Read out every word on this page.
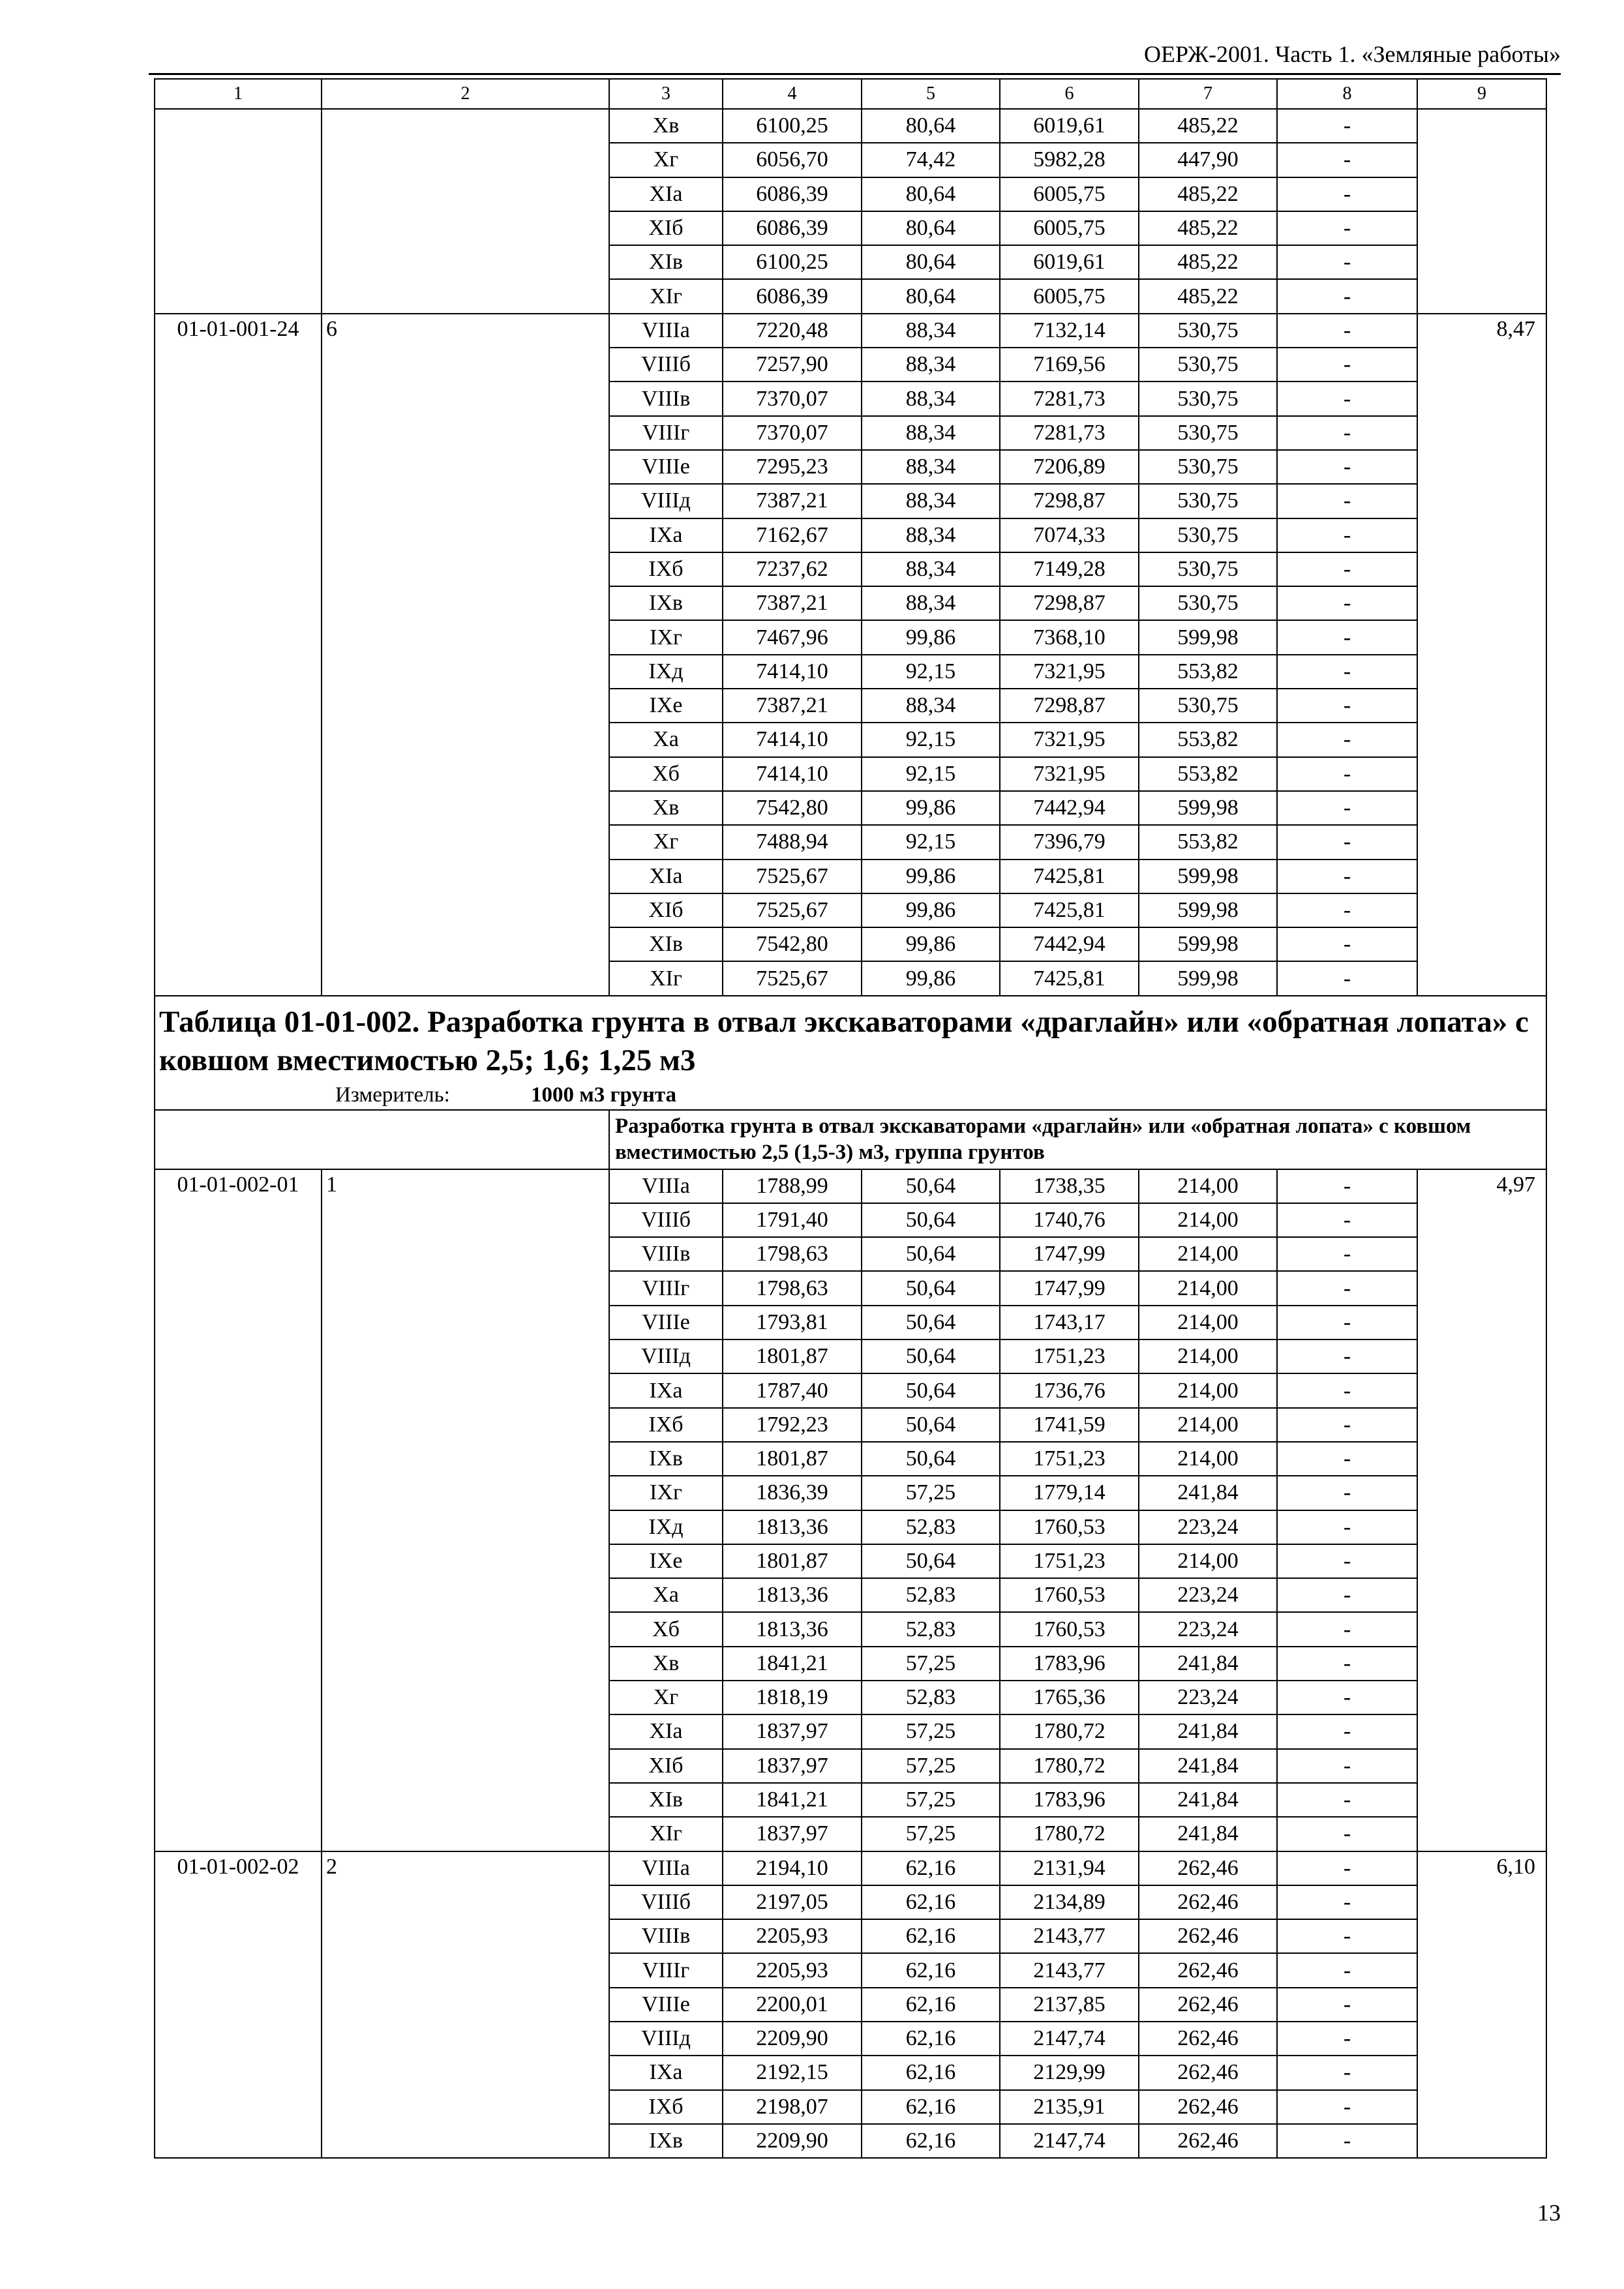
ОЕРЖ-2001. Часть 1. «Земляные работы»
1	2	3	4	5	6	7	8	9
		Xв	6100,25	80,64	6019,61	485,22	-	
		Xг	6056,70	74,42	5982,28	447,90	-	
		XIа	6086,39	80,64	6005,75	485,22	-	
		XIб	6086,39	80,64	6005,75	485,22	-	
		XIв	6100,25	80,64	6019,61	485,22	-	
		XIг	6086,39	80,64	6005,75	485,22	-	
01-01-001-24	6	VIIIа	7220,48	88,34	7132,14	530,75	-	8,47
		VIIIб	7257,90	88,34	7169,56	530,75	-	
		VIIIв	7370,07	88,34	7281,73	530,75	-	
		VIIIг	7370,07	88,34	7281,73	530,75	-	
		VIIIе	7295,23	88,34	7206,89	530,75	-	
		VIIIд	7387,21	88,34	7298,87	530,75	-	
		IXа	7162,67	88,34	7074,33	530,75	-	
		IXб	7237,62	88,34	7149,28	530,75	-	
		IXв	7387,21	88,34	7298,87	530,75	-	
		IXг	7467,96	99,86	7368,10	599,98	-	
		IXд	7414,10	92,15	7321,95	553,82	-	
		IXе	7387,21	88,34	7298,87	530,75	-	
		Xа	7414,10	92,15	7321,95	553,82	-	
		Xб	7414,10	92,15	7321,95	553,82	-	
		Xв	7542,80	99,86	7442,94	599,98	-	
		Xг	7488,94	92,15	7396,79	553,82	-	
		XIа	7525,67	99,86	7425,81	599,98	-	
		XIб	7525,67	99,86	7425,81	599,98	-	
		XIв	7542,80	99,86	7442,94	599,98	-	
		XIг	7525,67	99,86	7425,81	599,98	-	
Таблица 01-01-002. Разработка грунта в отвал экскаваторами «драглайн» или «обратная лопата» с ковшом вместимостью 2,5; 1,6; 1,25 м3								
Измеритель: 1000 м3 грунта								
		Разработка грунта в отвал экскаваторами «драглайн» или «обратная лопата» с ковшом вместимостью 2,5 (1,5-3) м3, группа грунтов						
01-01-002-01	1	VIIIа	1788,99	50,64	1738,35	214,00	-	4,97
		VIIIб	1791,40	50,64	1740,76	214,00	-	
		VIIIв	1798,63	50,64	1747,99	214,00	-	
		VIIIг	1798,63	50,64	1747,99	214,00	-	
		VIIIе	1793,81	50,64	1743,17	214,00	-	
		VIIIд	1801,87	50,64	1751,23	214,00	-	
		IXа	1787,40	50,64	1736,76	214,00	-	
		IXб	1792,23	50,64	1741,59	214,00	-	
		IXв	1801,87	50,64	1751,23	214,00	-	
		IXг	1836,39	57,25	1779,14	241,84	-	
		IXд	1813,36	52,83	1760,53	223,24	-	
		IXе	1801,87	50,64	1751,23	214,00	-	
		Xа	1813,36	52,83	1760,53	223,24	-	
		Xб	1813,36	52,83	1760,53	223,24	-	
		Xв	1841,21	57,25	1783,96	241,84	-	
		Xг	1818,19	52,83	1765,36	223,24	-	
		XIа	1837,97	57,25	1780,72	241,84	-	
		XIб	1837,97	57,25	1780,72	241,84	-	
		XIв	1841,21	57,25	1783,96	241,84	-	
		XIг	1837,97	57,25	1780,72	241,84	-	
01-01-002-02	2	VIIIа	2194,10	62,16	2131,94	262,46	-	6,10
		VIIIб	2197,05	62,16	2134,89	262,46	-	
		VIIIв	2205,93	62,16	2143,77	262,46	-	
		VIIIг	2205,93	62,16	2143,77	262,46	-	
		VIIIе	2200,01	62,16	2137,85	262,46	-	
		VIIIд	2209,90	62,16	2147,74	262,46	-	
		IXа	2192,15	62,16	2129,99	262,46	-	
		IXб	2198,07	62,16	2135,91	262,46	-	
		IXв	2209,90	62,16	2147,74	262,46	-	
13
